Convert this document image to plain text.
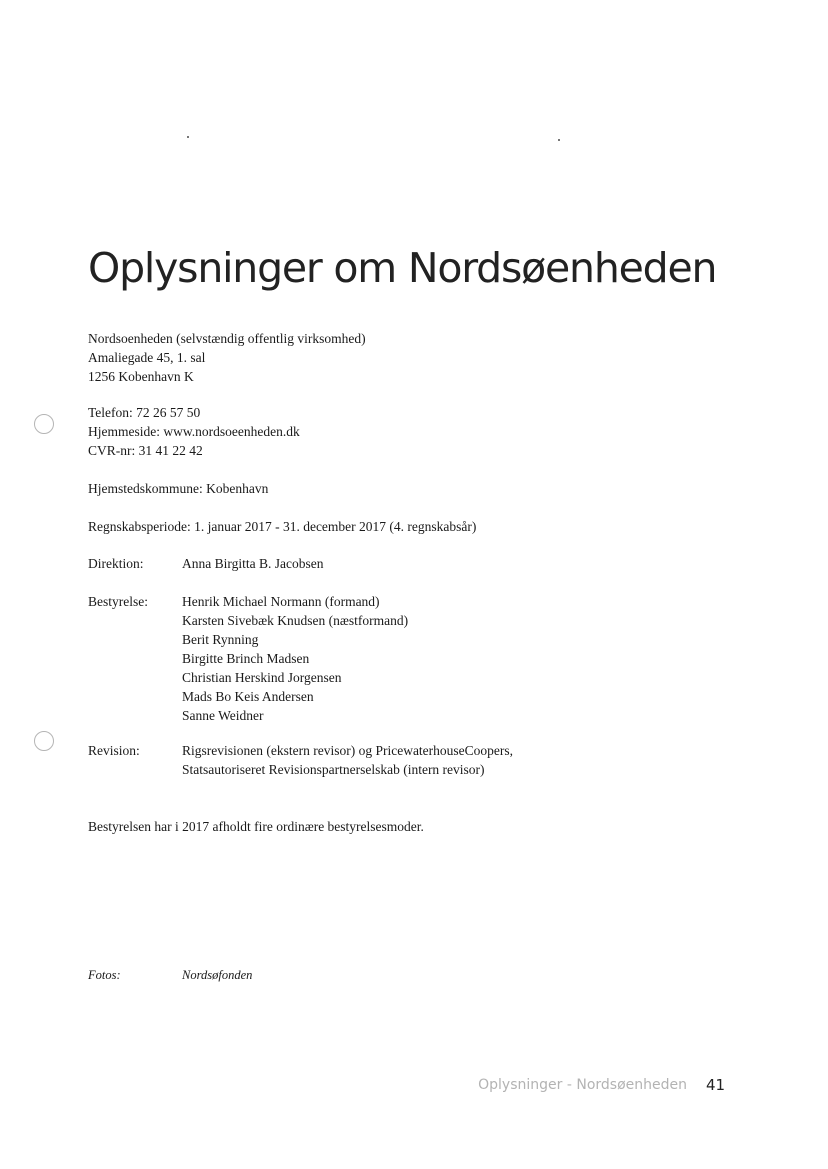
Oplysninger om Nordsøenheden
Nordsoenheden (selvstændig offentlig virksomhed)
Amaliegade 45, 1. sal
1256 Kobenhavn K
Telefon: 72 26 57 50
Hjemmeside: www.nordsoeenheden.dk
CVR-nr: 31 41 22 42
Hjemstedskommune: Kobenhavn
Regnskabsperiode: 1. januar 2017 - 31. december 2017 (4. regnskabsår)
Direktion:	Anna Birgitta B. Jacobsen
Bestyrelse:	Henrik Michael Normann (formand)
Karsten Sivebæk Knudsen (næstformand)
Berit Rynning
Birgitte Brinch Madsen
Christian Herskind Jorgensen
Mads Bo Keis Andersen
Sanne Weidner
Revision:	Rigsrevisionen (ekstern revisor) og PricewaterhouseCoopers,
Statsautoriseret Revisionspartnerselskab (intern revisor)
Bestyrelsen har i 2017 afholdt fire ordinære bestyrelsesmoder.
Fotos:	Nordsøfonden
Oplysninger - Nordsøenheden 41
